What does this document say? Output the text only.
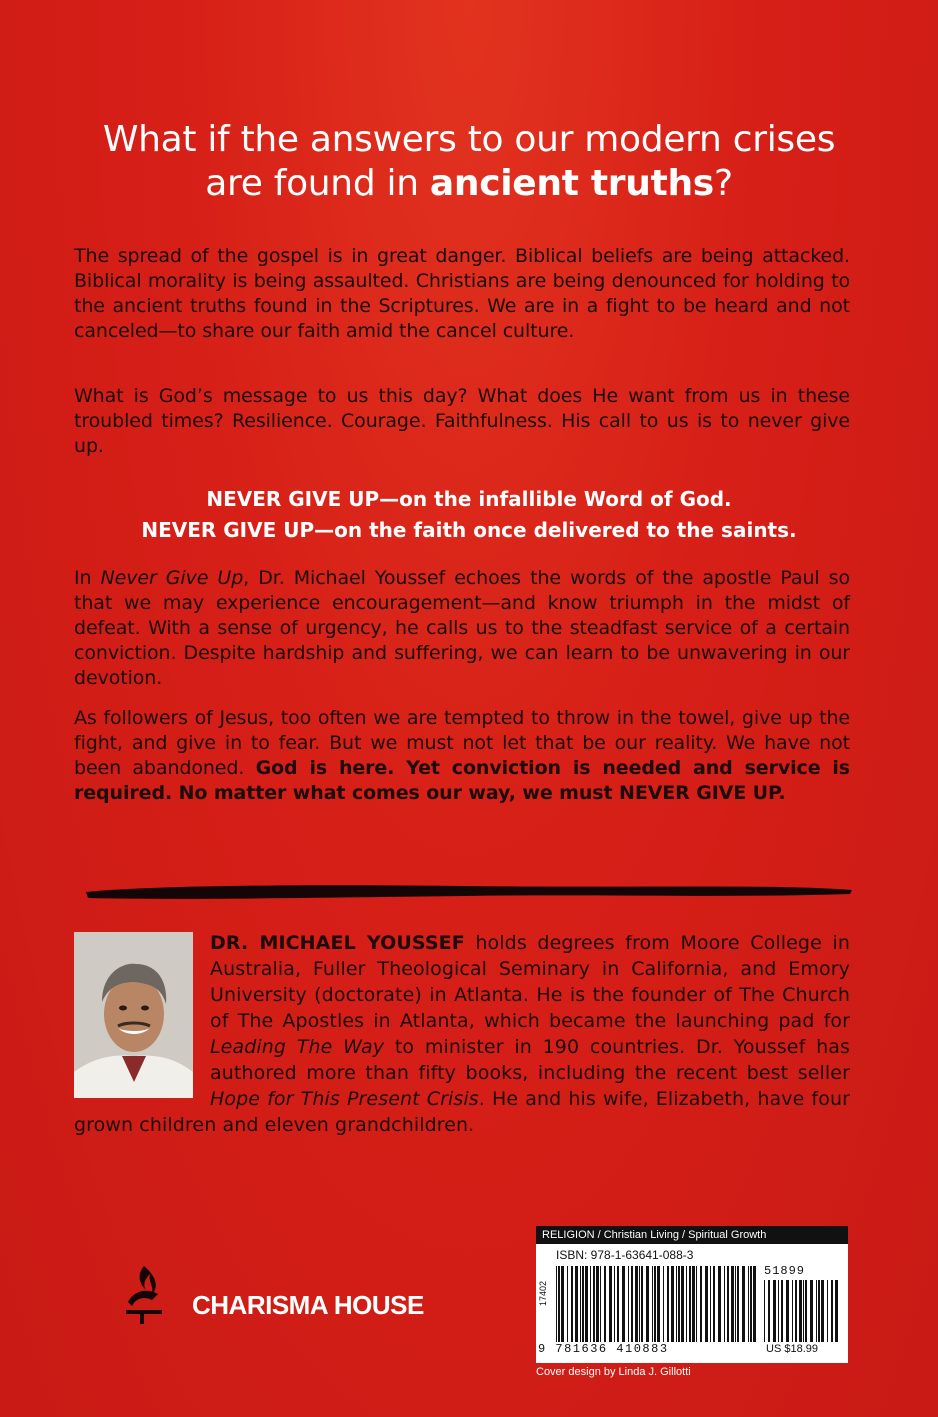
What if the answers to our modern crises
are found in ancient truths?
The spread of the gospel is in great danger. Biblical beliefs are being attacked. Biblical morality is being assaulted. Christians are being denounced for holding to the ancient truths found in the Scriptures. We are in a fight to be heard and not canceled—to share our faith amid the cancel culture.
What is God’s message to us this day? What does He want from us in these troubled times? Resilience. Courage. Faithfulness. His call to us is to never give up.
NEVER GIVE UP—on the infallible Word of God.
NEVER GIVE UP—on the faith once delivered to the saints.
In Never Give Up, Dr. Michael Youssef echoes the words of the apostle Paul so that we may experience encouragement—and know triumph in the midst of defeat. With a sense of urgency, he calls us to the steadfast service of a certain conviction. Despite hardship and suffering, we can learn to be unwavering in our devotion.
As followers of Jesus, too often we are tempted to throw in the towel, give up the fight, and give in to fear. But we must not let that be our reality. We have not been abandoned. God is here. Yet conviction is needed and service is required. No matter what comes our way, we must NEVER GIVE UP.
DR. MICHAEL YOUSSEF holds degrees from Moore College in Australia, Fuller Theological Seminary in California, and Emory University (doctorate) in Atlanta. He is the founder of The Church of The Apostles in Atlanta, which became the launching pad for Leading The Way to minister in 190 countries. Dr. Youssef has authored more than fifty books, including the recent best seller Hope for This Present Crisis. He and his wife, Elizabeth, have four grown children and eleven grandchildren.
CHARISMA HOUSE
RELIGION / Christian Living / Spiritual Growth
ISBN: 978-1-63641-088-3
17402
9 781636 410883
51899
US $18.99
Cover design by Linda J. Gillotti
